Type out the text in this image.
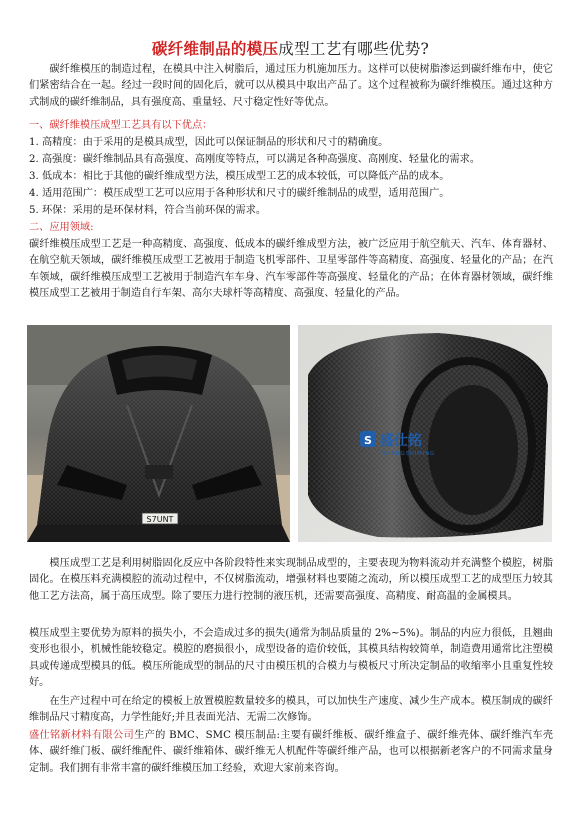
碳纤维制品的模压成型工艺有哪些优势?
碳纤维模压的制造过程，在模具中注入树脂后，通过压力机施加压力。这样可以使树脂渗运到碳纤维布中，使它们紧密结合在一起。经过一段时间的固化后，就可以从模具中取出产品了。这个过程被称为碳纤维模压。通过这种方式制成的碳纤维制品，具有强度高、重量轻、尺寸稳定性好等优点。
一、碳纤维模压成型工艺具有以下优点：
1. 高精度：由于采用的是模具成型，因此可以保证制品的形状和尺寸的精确度。
2. 高强度：碳纤维制品具有高强度、高刚度等特点，可以满足各种高强度、高刚度、轻量化的需求。
3. 低成本：相比于其他的碳纤维成型方法，模压成型工艺的成本较低，可以降低产品的成本。
4. 适用范围广：模压成型工艺可以应用于各种形状和尺寸的碳纤维制品的成型，适用范围广。
5. 环保：采用的是环保材料，符合当前环保的需求。
二、应用领域:
碳纤维模压成型工艺是一种高精度、高强度、低成本的碳纤维成型方法，被广泛应用于航空航天、汽车、体育器材、在航空航天领域，碳纤维模压成型工艺被用于制造飞机零部件、卫星零部件等高精度、高强度、轻量化的产品；在汽车领域，碳纤维模压成型工艺被用于制造汽车车身、汽车零部件等高强度、轻量化的产品；在体育器材领域，碳纤维模压成型工艺被用于制造自行车架、高尔夫球杆等高精度、高强度、轻量化的产品。
S7UNT
S 盛仕铭
SHENGSHIMING
模压成型工艺是利用树脂固化反应中各阶段特性来实现制品成型的，主要表现为物料流动并充满整个模腔，树脂固化。在模压料充满模腔的流动过程中，不仅树脂流动，增强材料也要随之流动，所以模压成型工艺的成型压力较其他工艺方法高，属于高压成型。除了要压力进行控制的液压机，还需要高强度、高精度、耐高温的金属模具。
模压成型主要优势为原料的损失小，不会造成过多的损失(通常为制品质量的 2%~5%)。制品的内应力很低，且翘曲变形也很小，机械性能较稳定。模腔的磨损很小，成型设备的造价较低，其模具结构较简单，制造费用通常比注塑模具或传递成型模具的低。模压所能成型的制品的尺寸由模压机的合模力与模板尺寸所决定制品的收缩率小且重复性较好。
在生产过程中可在给定的模板上放置模腔数量较多的模具，可以加快生产速度、减少生产成本。模压制成的碳纤维制品尺寸精度高，力学性能好;并且表面光洁、无需二次修饰。
盛仕铭新材料有限公司生产的 BMC、SMC 模压制品:主要有碳纤维板、碳纤维盒子、碳纤维壳体、碳纤维汽车壳体、碳纤维门板、碳纤维配件、碳纤维箱体、碳纤维无人机配件等碳纤维产品，也可以根据新老客户的不同需求量身定制。我们拥有非常丰富的碳纤维模压加工经验，欢迎大家前来咨询。
